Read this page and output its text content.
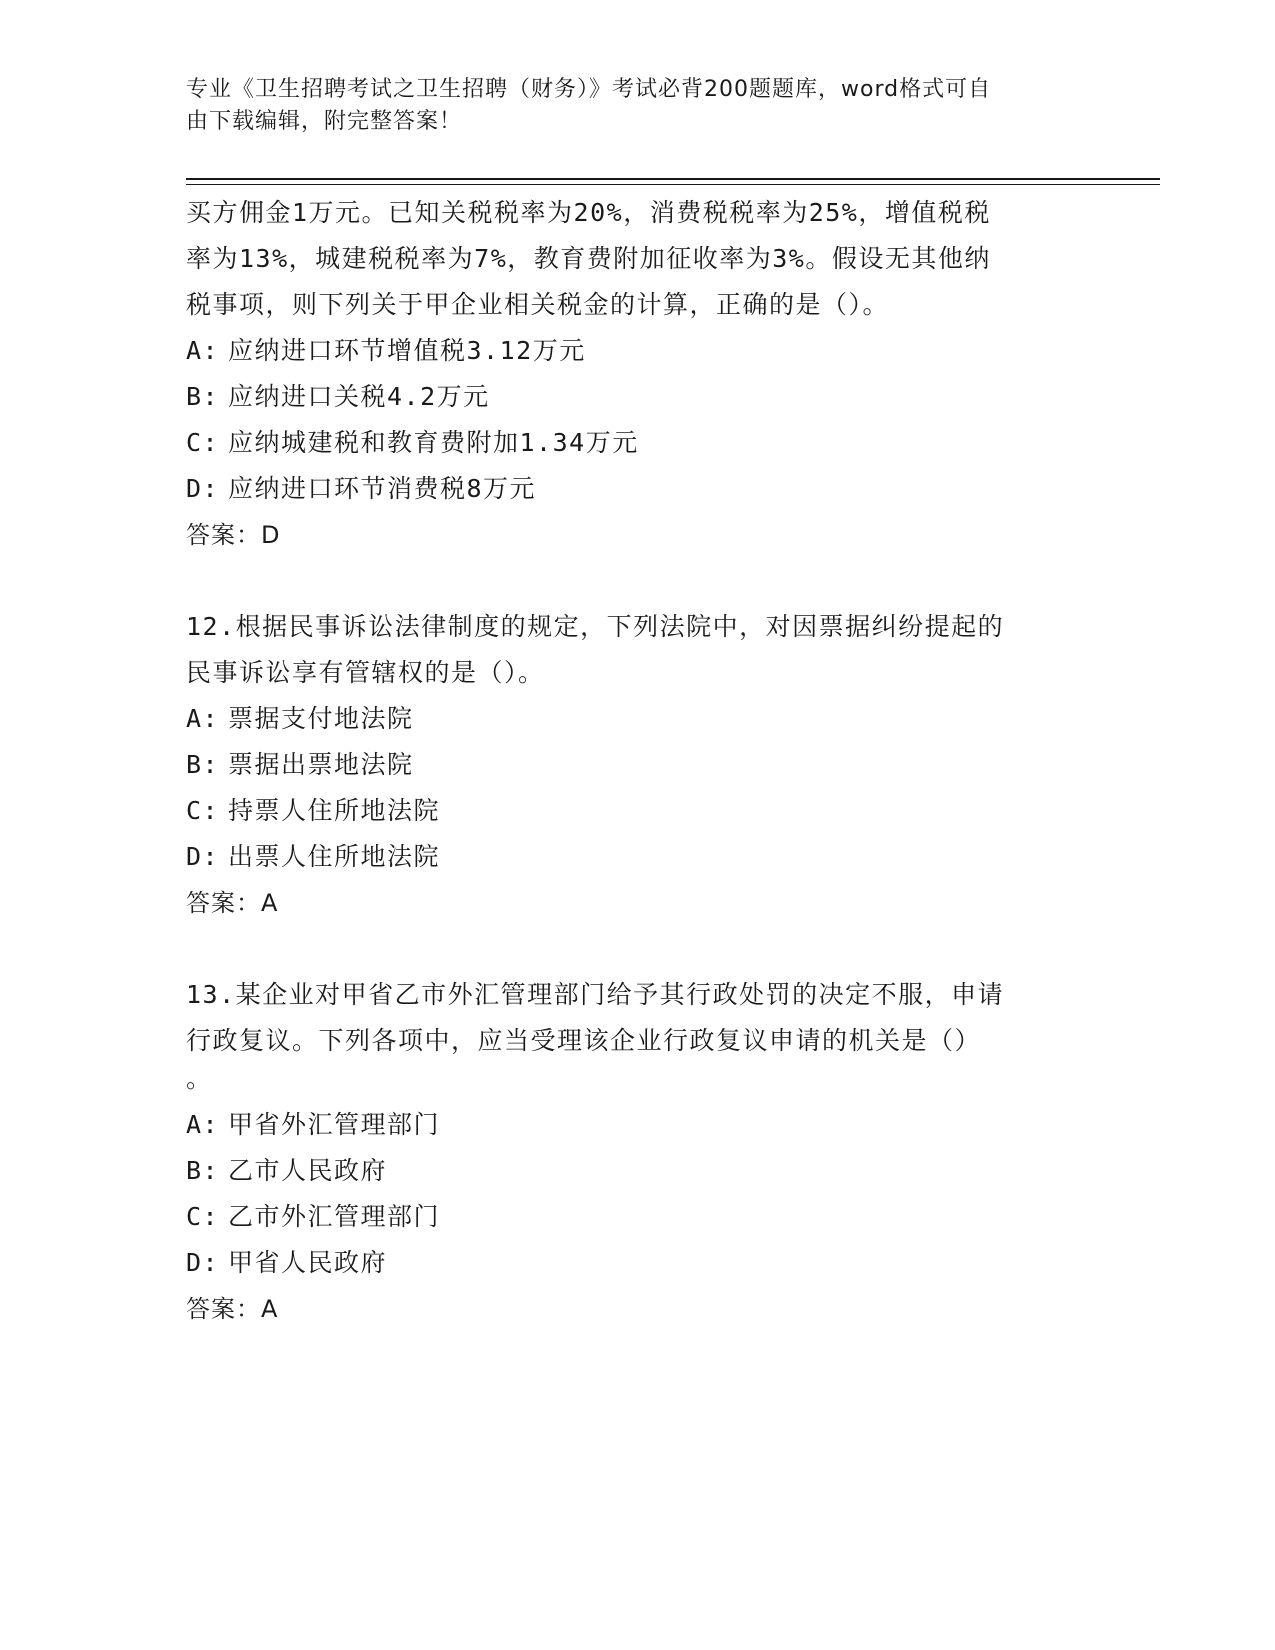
专业《卫生招聘考试之卫生招聘（财务）》考试必背200题题库，word格式可自
由下载编辑，附完整答案！
买方佣金1万元。已知关税税率为20%，消费税税率为25%，增值税税
率为13%，城建税税率为7%，教育费附加征收率为3%。假设无其他纳
税事项，则下列关于甲企业相关税金的计算，正确的是（）。
A: 应纳进口环节增值税3.12万元
B: 应纳进口关税4.2万元
C: 应纳城建税和教育费附加1.34万元
D: 应纳进口环节消费税8万元
答案：D
12.根据民事诉讼法律制度的规定，下列法院中，对因票据纠纷提起的
民事诉讼享有管辖权的是（）。
A: 票据支付地法院
B: 票据出票地法院
C: 持票人住所地法院
D: 出票人住所地法院
答案：A
13.某企业对甲省乙市外汇管理部门给予其行政处罚的决定不服，申请
行政复议。下列各项中，应当受理该企业行政复议申请的机关是（）
。
A: 甲省外汇管理部门
B: 乙市人民政府
C: 乙市外汇管理部门
D: 甲省人民政府
答案：A
